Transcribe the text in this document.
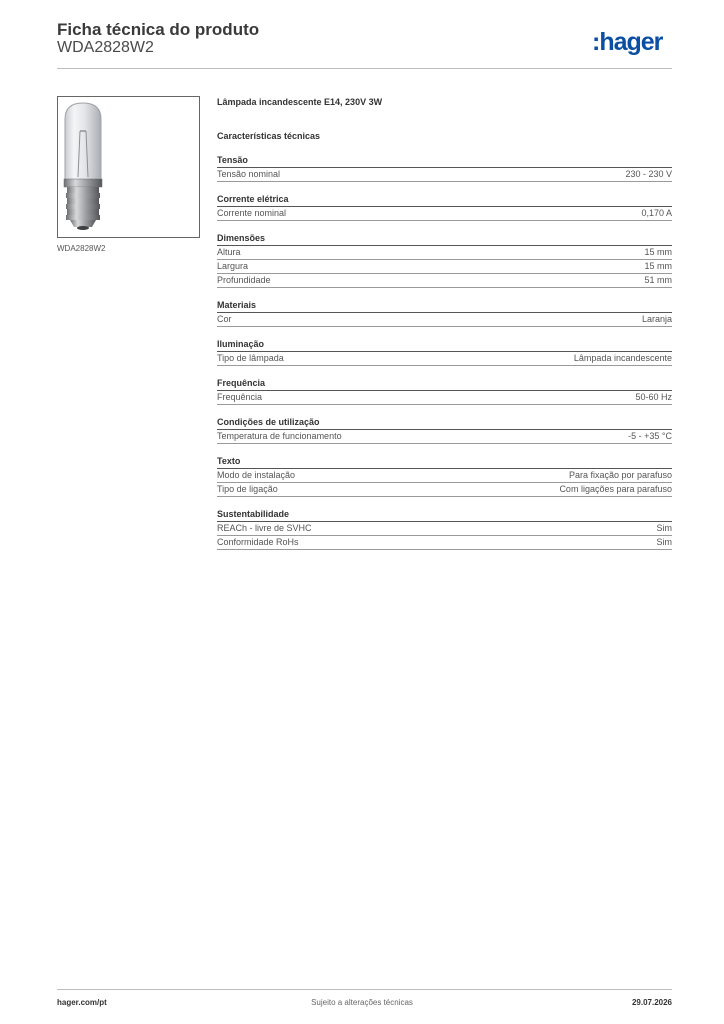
Ficha técnica do produto
WDA2828W2	:hager
WDA2828W2
Lâmpada incandescente E14, 230V 3W
Características técnicas
Tensão
Tensão nominal	230 - 230 V
Corrente elétrica
Corrente nominal	0,170 A
Dimensões
Altura	15 mm
Largura	15 mm
Profundidade	51 mm
Materiais
Cor	Laranja
Iluminação
Tipo de lâmpada	Lâmpada incandescente
Frequência
Frequência	50-60 Hz
Condições de utilização
Temperatura de funcionamento	-5 - +35 °C
Texto
Modo de instalação	Para fixação por parafuso
Tipo de ligação	Com ligações para parafuso
Sustentabilidade
REACh - livre de SVHC	Sim
Conformidade RoHs	Sim
hager.com/pt	Sujeito a alterações técnicas	29.07.2026
